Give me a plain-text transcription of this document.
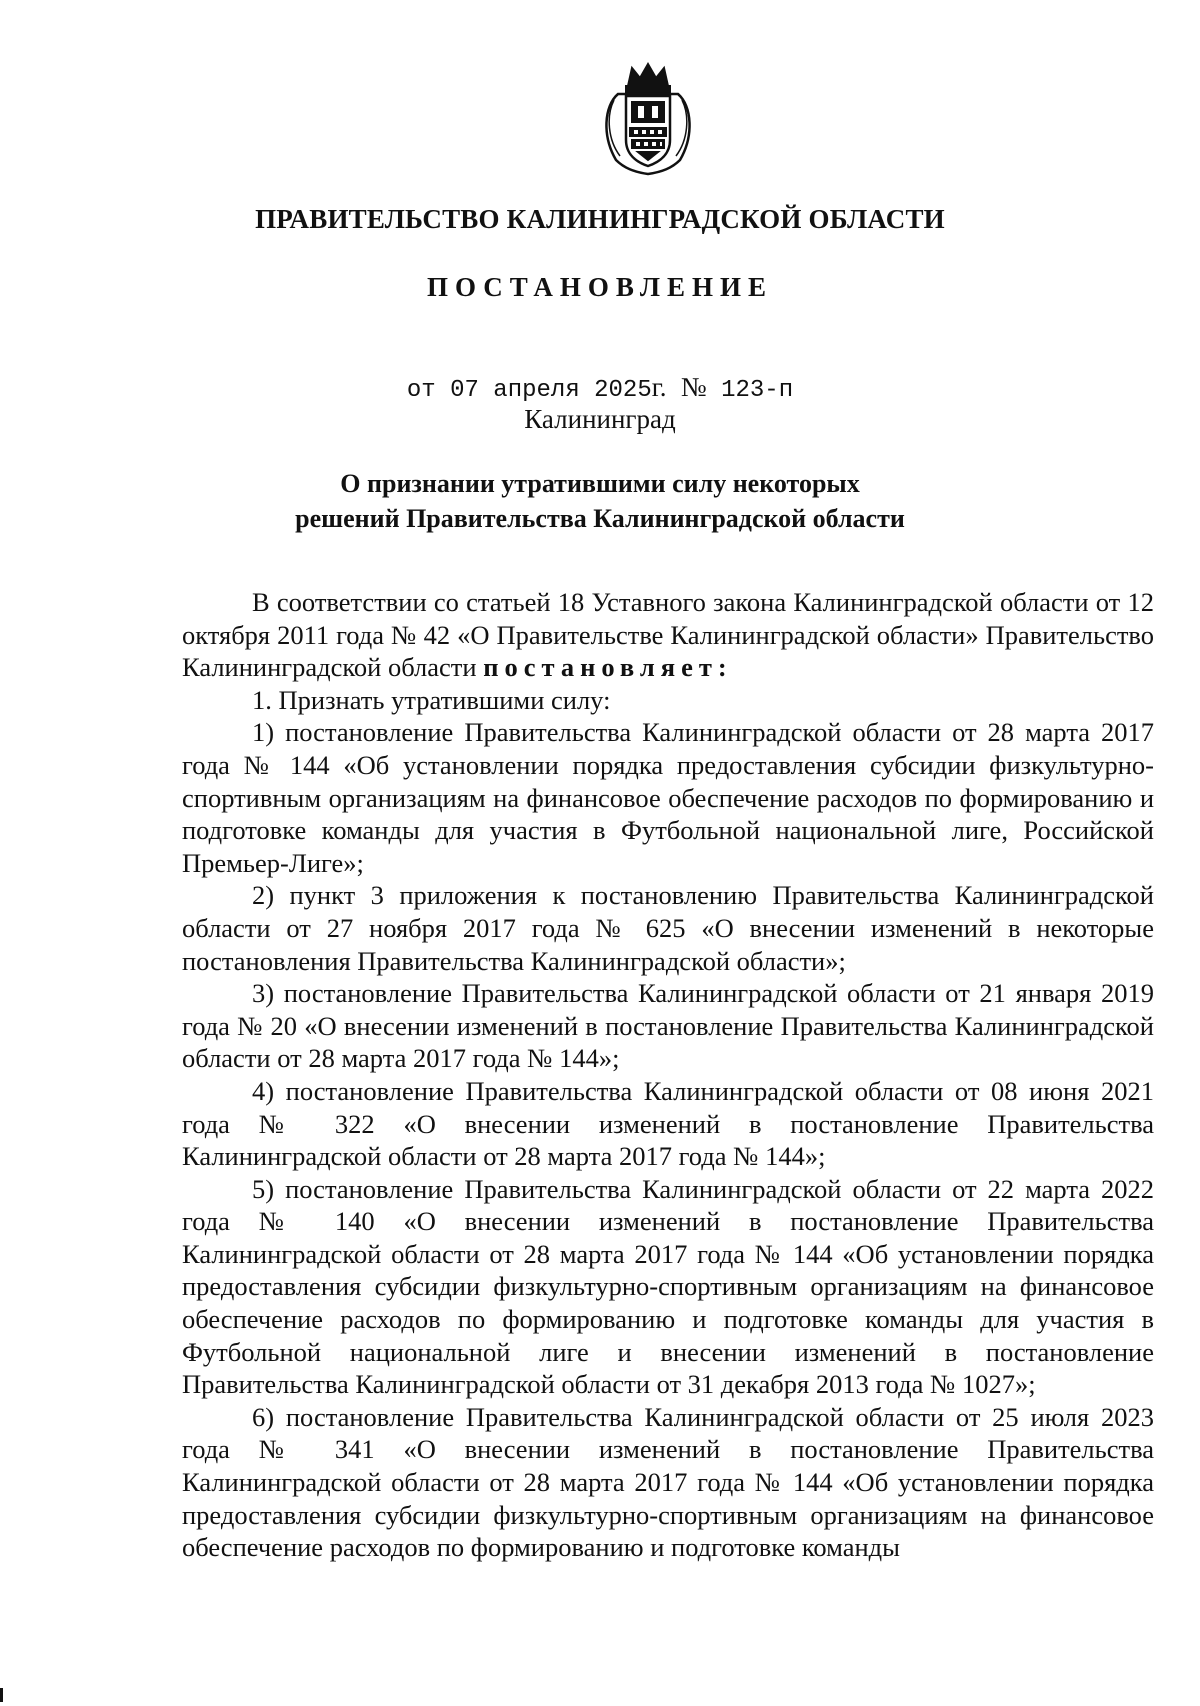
ПРАВИТЕЛЬСТВО КАЛИНИНГРАДСКОЙ ОБЛАСТИ
ПОСТАНОВЛЕНИЕ
от 07 апреля 2025г. № 123-п
Калининград
О признании утратившими силу некоторых
решений Правительства Калининградской области

В соответствии со статьей 18 Уставного закона Калининградской области от 12 октября 2011 года № 42 «О Правительстве Калининградской области» Правительство Калининградской области постановляет:

1. Признать утратившими силу:

1) постановление Правительства Калининградской области от 28 марта 2017 года № 144 «Об установлении порядка предоставления субсидии физкультурно-спортивным организациям на финансовое обеспечение расходов по формированию и подготовке команды для участия в Футбольной национальной лиге, Российской Премьер-Лиге»;

2) пункт 3 приложения к постановлению Правительства Калининградской области от 27 ноября 2017 года № 625 «О внесении изменений в некоторые постановления Правительства Калининградской области»;

3) постановление Правительства Калининградской области от 21 января 2019 года № 20 «О внесении изменений в постановление Правительства Калининградской области от 28 марта 2017 года № 144»;

4) постановление Правительства Калининградской области от 08 июня 2021 года № 322 «О внесении изменений в постановление Правительства Калининградской области от 28 марта 2017 года № 144»;

5) постановление Правительства Калининградской области от 22 марта 2022 года № 140 «О внесении изменений в постановление Правительства Калининградской области от 28 марта 2017 года № 144 «Об установлении порядка предоставления субсидии физкультурно-спортивным организациям на финансовое обеспечение расходов по формированию и подготовке команды для участия в Футбольной национальной лиге и внесении изменений в постановление Правительства Калининградской области от 31 декабря 2013 года № 1027»;

6) постановление Правительства Калининградской области от 25 июля 2023 года № 341 «О внесении изменений в постановление Правительства Калининградской области от 28 марта 2017 года № 144 «Об установлении порядка предоставления субсидии физкультурно-спортивным организациям на финансовое обеспечение расходов по формированию и подготовке команды
